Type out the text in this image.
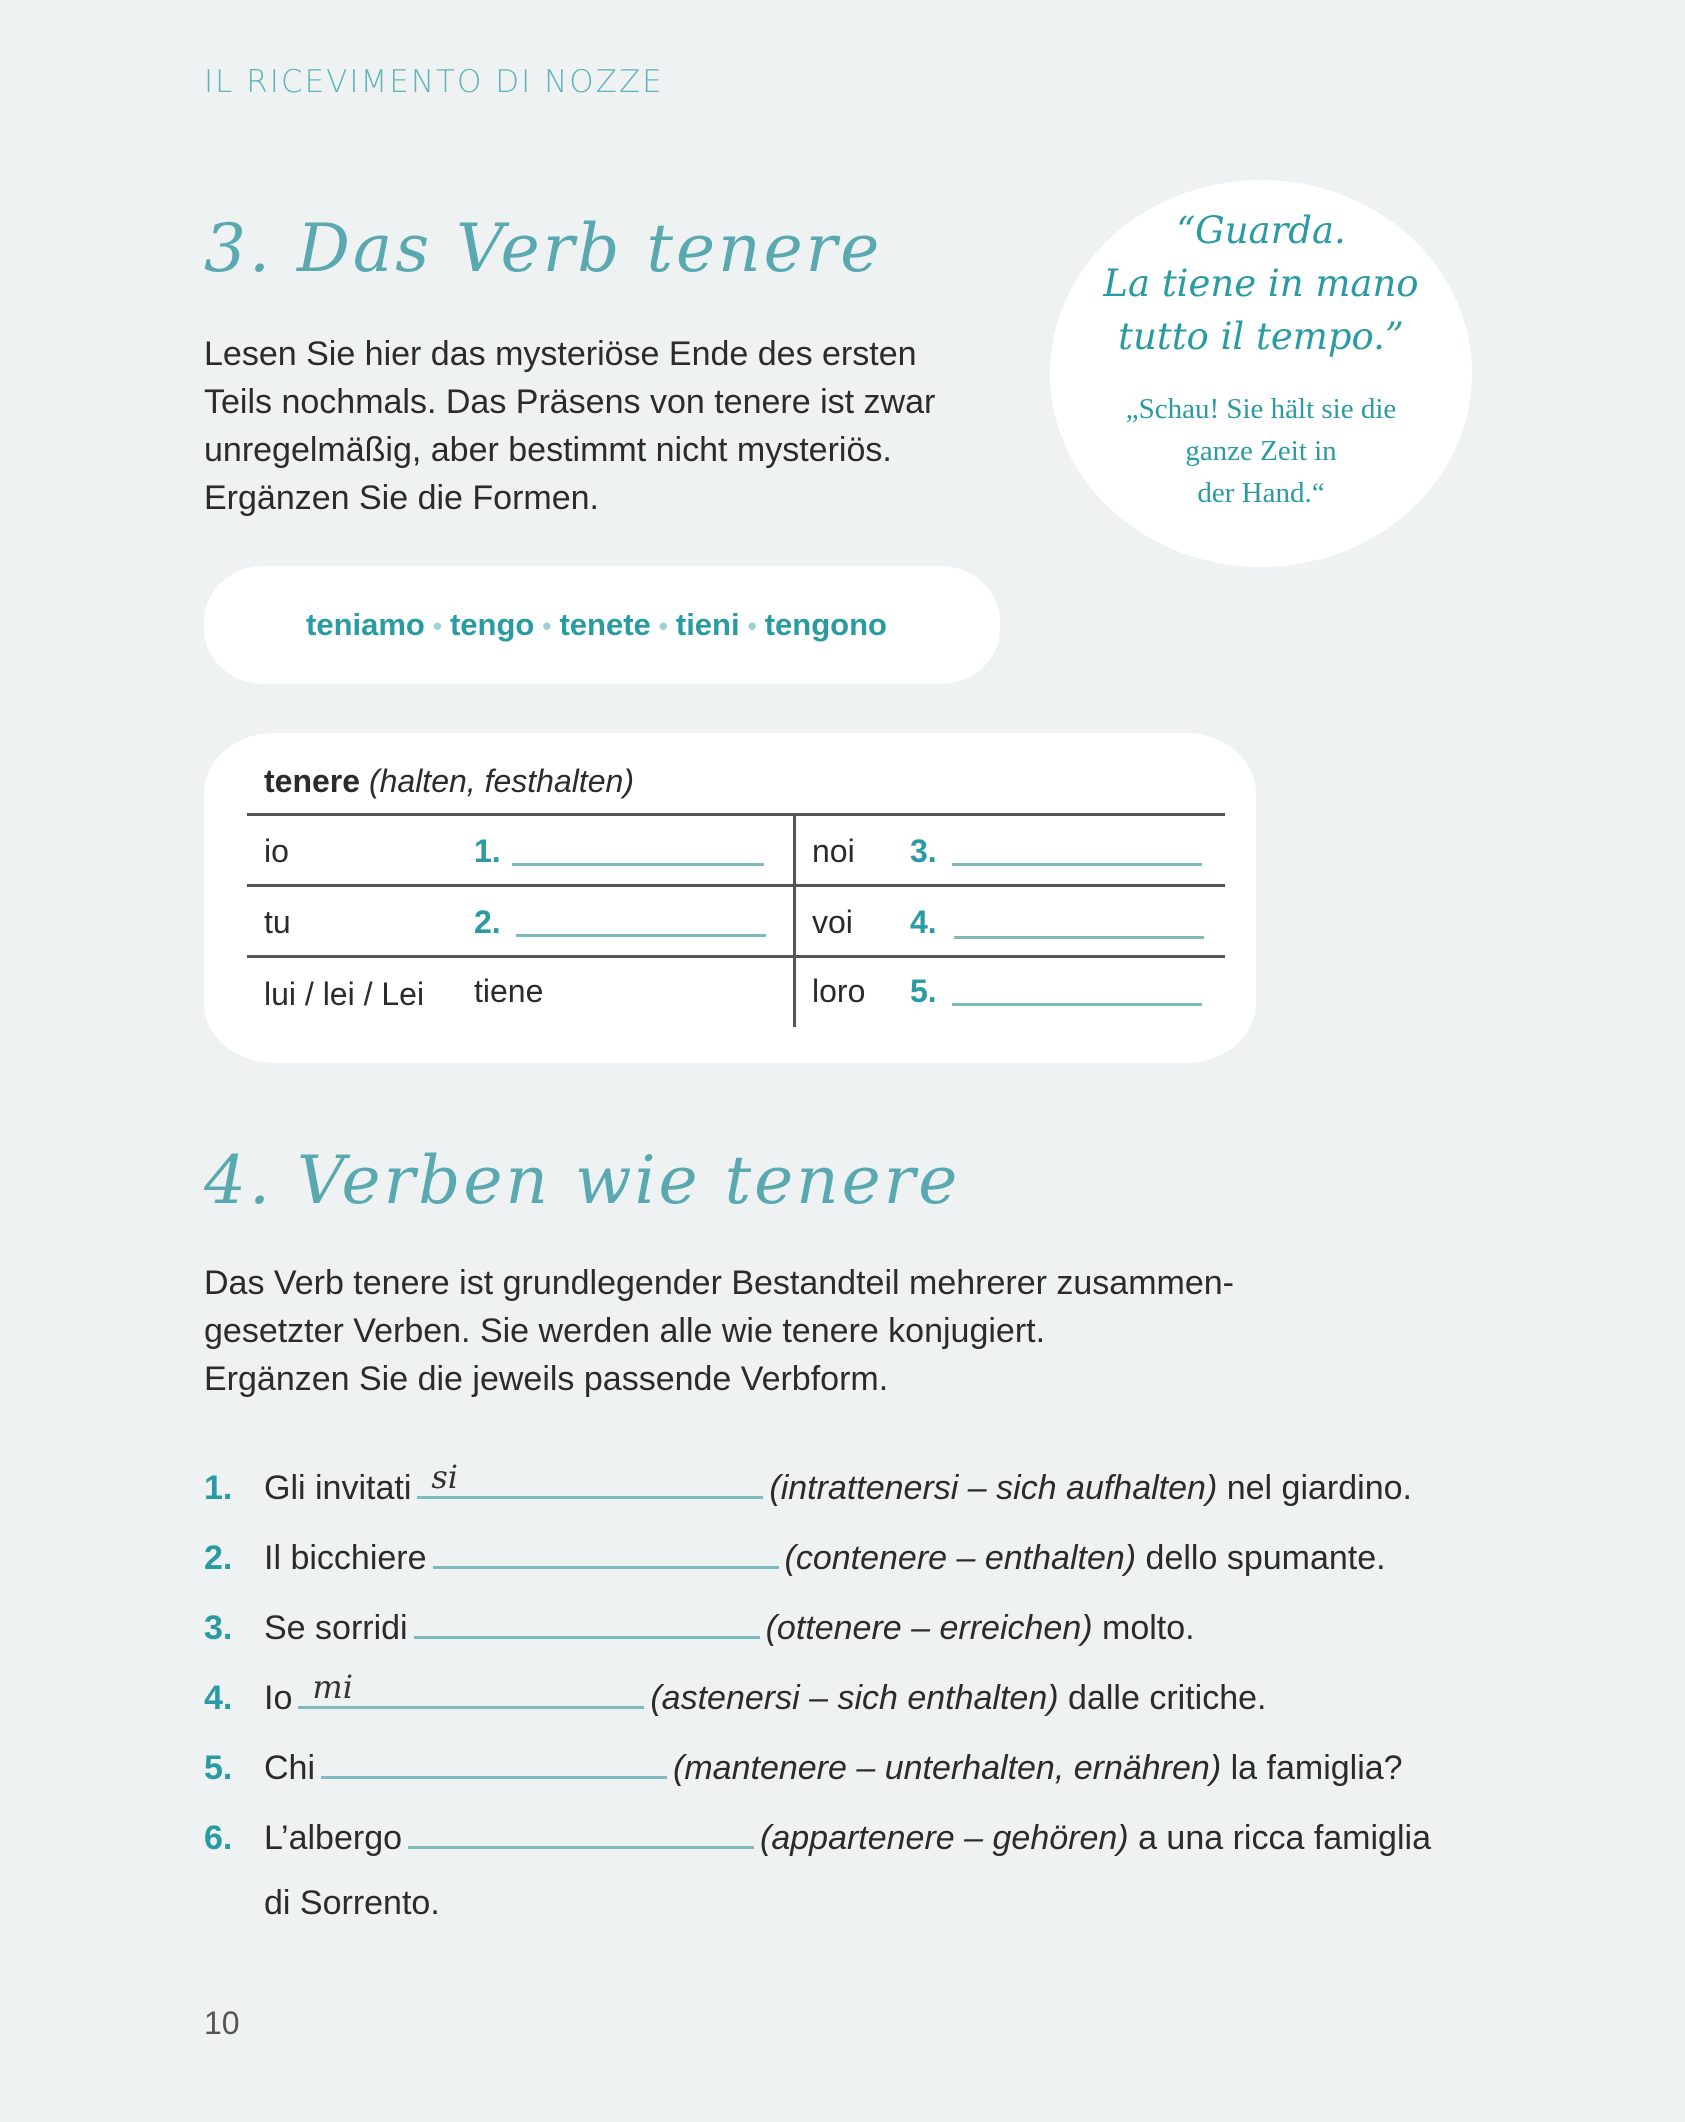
IL RICEVIMENTO DI NOZZE
3. Das Verb tenere

Lesen Sie hier das mysteriöse Ende des ersten

Teils nochmals. Das Präsens von tenere ist zwar

unregelmäßig, aber bestimmt nicht mysteriös.

Ergänzen Sie die Formen.

“Guarda.
La tiene in mano
tutto il tempo.”
„Schau! Sie hält sie die
ganze Zeit in
der Hand.“
teniamo • tengo • tenete • tieni • tengono
tenere (halten, festhalten)
io	1.	noi 3.
tu	2.	voi 4.
lui / lei / Lei tiene	loro 5.
4. Verben wie tenere

Das Verb tenere ist grundlegender Bestandteil mehrerer zusammen-

gesetzter Verben. Sie werden alle wie tenere konjugiert.

Ergänzen Sie die jeweils passende Verbform.

1. Gli invitati si	(intrattenersi – sich aufhalten) nel giardino.
2. Il bicchiere	(contenere – enthalten) dello spumante.
3. Se sorridi	(ottenere – erreichen) molto.
4. Io mi	(astenersi – sich enthalten) dalle critiche.
5. Chi	(mantenere – unterhalten, ernähren) la famiglia?
6. L’albergo	(appartenere – gehören) a una ricca famiglia
di Sorrento.
10
